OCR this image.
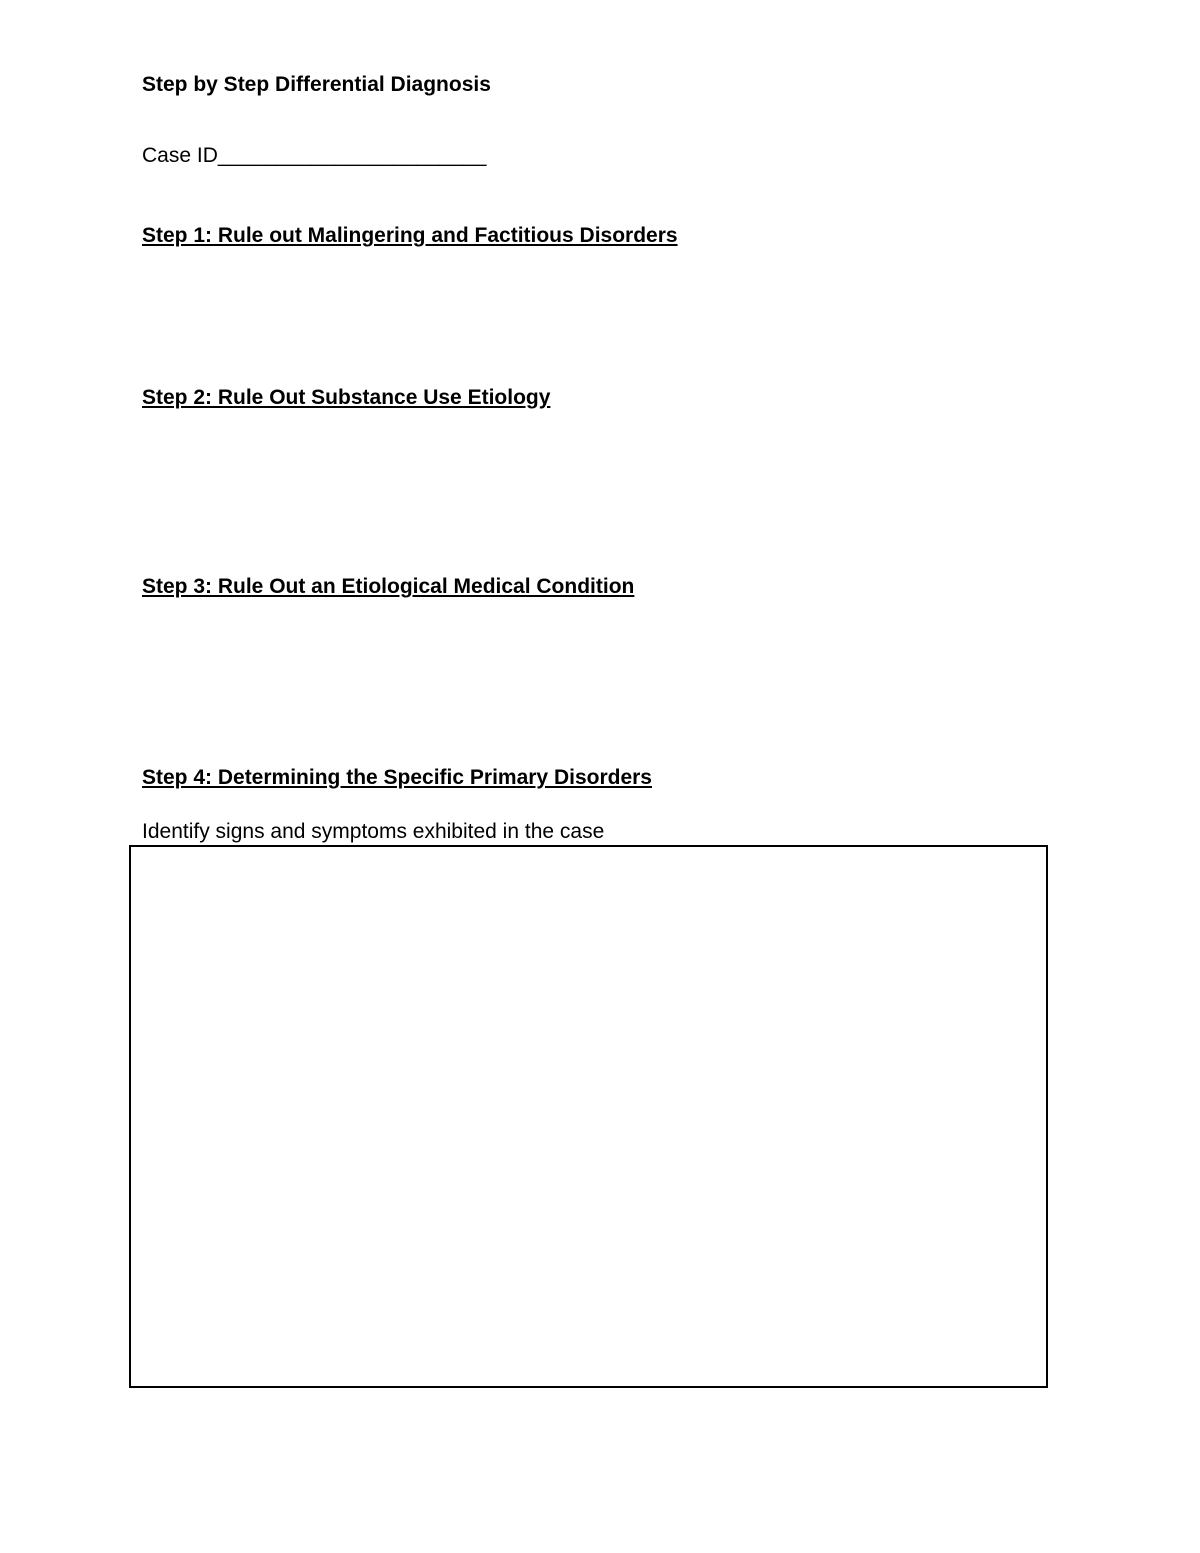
Step by Step Differential Diagnosis
Case ID_______________________
Step 1: Rule out Malingering and Factitious Disorders
Step 2: Rule Out Substance Use Etiology
Step 3: Rule Out an Etiological Medical Condition
Step 4: Determining the Specific Primary Disorders
Identify signs and symptoms exhibited in the case
